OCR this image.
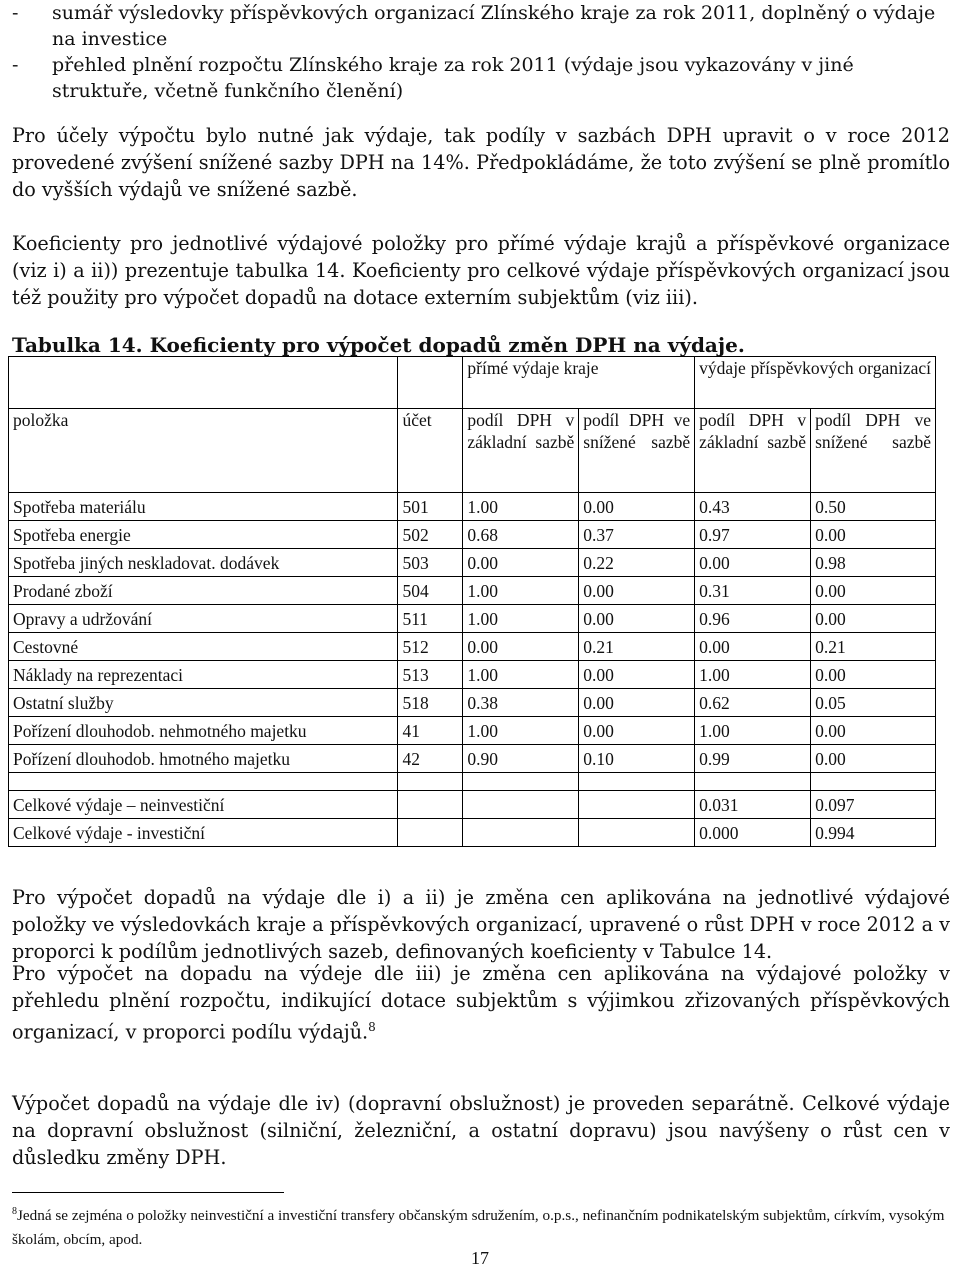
-	sumář výsledovky příspěvkových organizací Zlínského kraje za rok 2011, doplněný o výdaje na investice
-	přehled plnění rozpočtu Zlínského kraje za rok 2011 (výdaje jsou vykazovány v jiné struktuře, včetně funkčního členění)

Pro účely výpočtu bylo nutné jak výdaje, tak podíly v sazbách DPH upravit o v roce 2012 provedené zvýšení snížené sazby DPH na 14%. Předpokládáme, že toto zvýšení se plně promítlo do vyšších výdajů ve snížené sazbě.

Koeficienty pro jednotlivé výdajové položky pro přímé výdaje krajů a příspěvkové organizace (viz i) a ii)) prezentuje tabulka 14. Koeficienty pro celkové výdaje příspěvkových organizací jsou též použity pro výpočet dopadů na dotace externím subjektům (viz iii).

Tabulka 14. Koeficienty pro výpočet dopadů změn DPH na výdaje.
		přímé výdaje kraje		výdaje příspěvkových organizací	
položka	účet	podíl DPH v základní sazbě	podíl DPH ve snížené sazbě	podíl DPH v základní sazbě	podíl DPH ve snížené sazbě
Spotřeba materiálu	501	1.00	0.00	0.43	0.50
Spotřeba energie	502	0.68	0.37	0.97	0.00
Spotřeba jiných neskladovat. dodávek	503	0.00	0.22	0.00	0.98
Prodané zboží	504	1.00	0.00	0.31	0.00
Opravy a udržování	511	1.00	0.00	0.96	0.00
Cestovné	512	0.00	0.21	0.00	0.21
Náklady na reprezentaci	513	1.00	0.00	1.00	0.00
Ostatní služby	518	0.38	0.00	0.62	0.05
Pořízení dlouhodob. nehmotného majetku	41	1.00	0.00	1.00	0.00
Pořízení dlouhodob. hmotného majetku	42	0.90	0.10	0.99	0.00

Celkové výdaje – neinvestiční				0.031	0.097
Celkové výdaje - investiční				0.000	0.994

Pro výpočet dopadů na výdaje dle i) a ii) je změna cen aplikována na jednotlivé výdajové položky ve výsledovkách kraje a příspěvkových organizací, upravené o růst DPH v roce 2012 a v proporci k podílům jednotlivých sazeb, definovaných koeficienty v Tabulce 14.

Pro výpočet na dopadu na výdeje dle iii) je změna cen aplikována na výdajové položky v přehledu plnění rozpočtu, indikující dotace subjektům s výjimkou zřizovaných příspěvkových organizací, v proporci podílu výdajů.$^8$

Výpočet dopadů na výdaje dle iv) (dopravní obslužnost) je proveden separátně. Celkové výdaje na dopravní obslužnost (silniční, železniční, a ostatní dopravu) jsou navýšeny o růst cen v důsledku změny DPH.

$^8$Jedná se zejména o položky neinvestiční a investiční transfery občanským sdružením, o.p.s., nefinančním podnikatelským subjektům, církvím, vysokým školám, obcím, apod.
17
